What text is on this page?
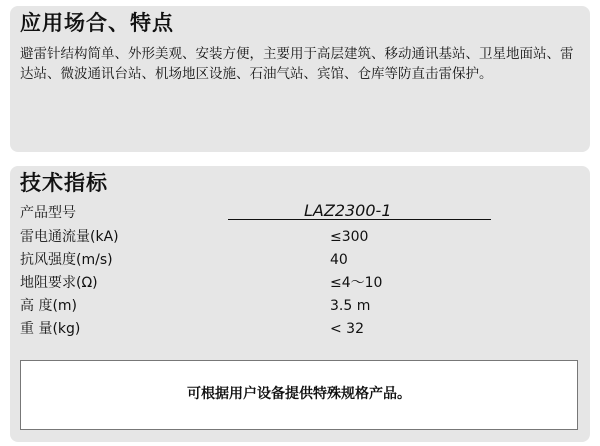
应用场合、特点

避雷针结构简单、外形美观、安装方便，主要用于高层建筑、移动通讯基站、卫星地面站、雷达站、微波通讯台站、机场地区设施、石油气站、宾馆、仓库等防直击雷保护。

技术指标
产品型号	LAZ2300-1
雷电通流量(kA)	≤300
抗风强度(m/s)	40
地阻要求(Ω)	≤4～10
高 度(m)	3.5 m
重 量(kg)	< 32
可根据用户设备提供特殊规格产品。
